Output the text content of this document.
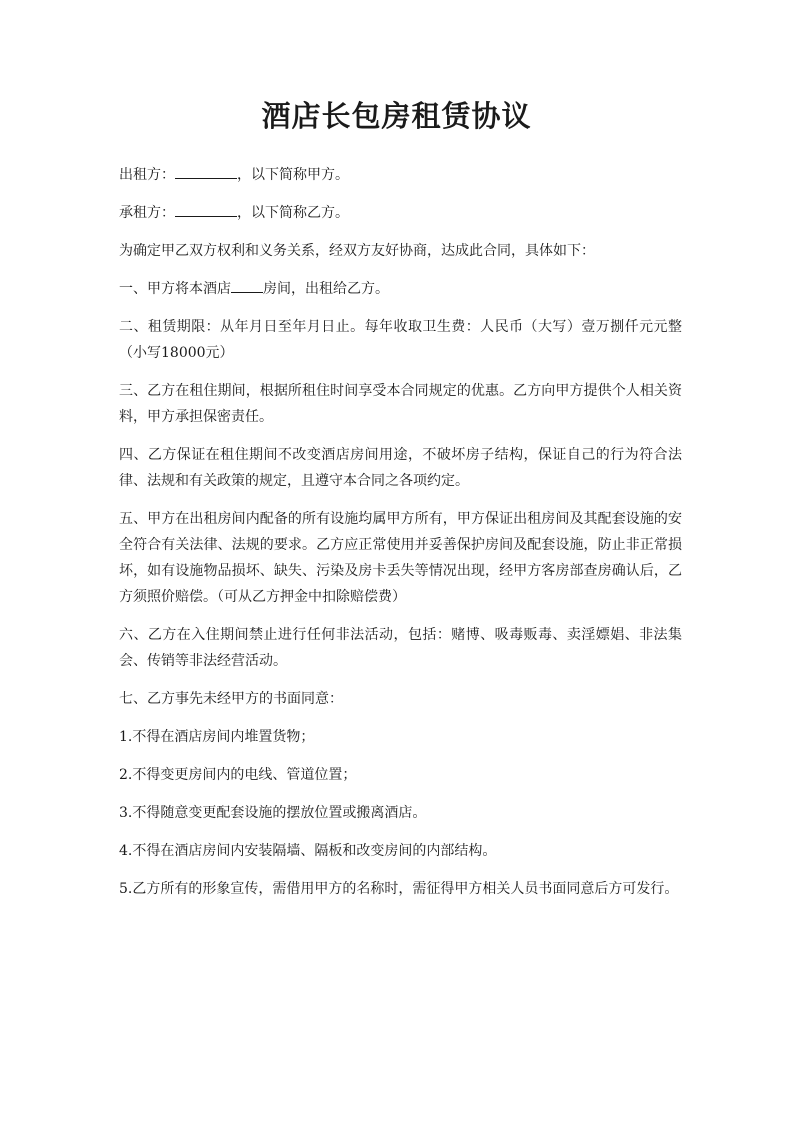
酒店长包房租赁协议

出租方：	，以下简称甲方。

承租方：	，以下简称乙方。

为确定甲乙双方权利和义务关系，经双方友好协商，达成此合同，具体如下：

一、甲方将本酒店 房间，出租给乙方。

二、租赁期限：从年月日至年月日止。每年收取卫生费：人民币（大写）壹万捌仟元元整（小写18000元）

三、乙方在租住期间，根据所租住时间享受本合同规定的优惠。乙方向甲方提供个人相关资料，甲方承担保密责任。

四、乙方保证在租住期间不改变酒店房间用途，不破坏房子结构，保证自己的行为符合法律、法规和有关政策的规定，且遵守本合同之各项约定。

五、甲方在出租房间内配备的所有设施均属甲方所有，甲方保证出租房间及其配套设施的安全符合有关法律、法规的要求。乙方应正常使用并妥善保护房间及配套设施，防止非正常损坏，如有设施物品损坏、缺失、污染及房卡丢失等情况出现，经甲方客房部查房确认后，乙方须照价赔偿。（可从乙方押金中扣除赔偿费）

六、乙方在入住期间禁止进行任何非法活动，包括：赌博、吸毒贩毒、卖淫嫖娼、非法集会、传销等非法经营活动。

七、乙方事先未经甲方的书面同意：

1.不得在酒店房间内堆置货物；

2.不得变更房间内的电线、管道位置；

3.不得随意变更配套设施的摆放位置或搬离酒店。

4.不得在酒店房间内安装隔墙、隔板和改变房间的内部结构。

5.乙方所有的形象宣传，需借用甲方的名称时，需征得甲方相关人员书面同意后方可发行。
